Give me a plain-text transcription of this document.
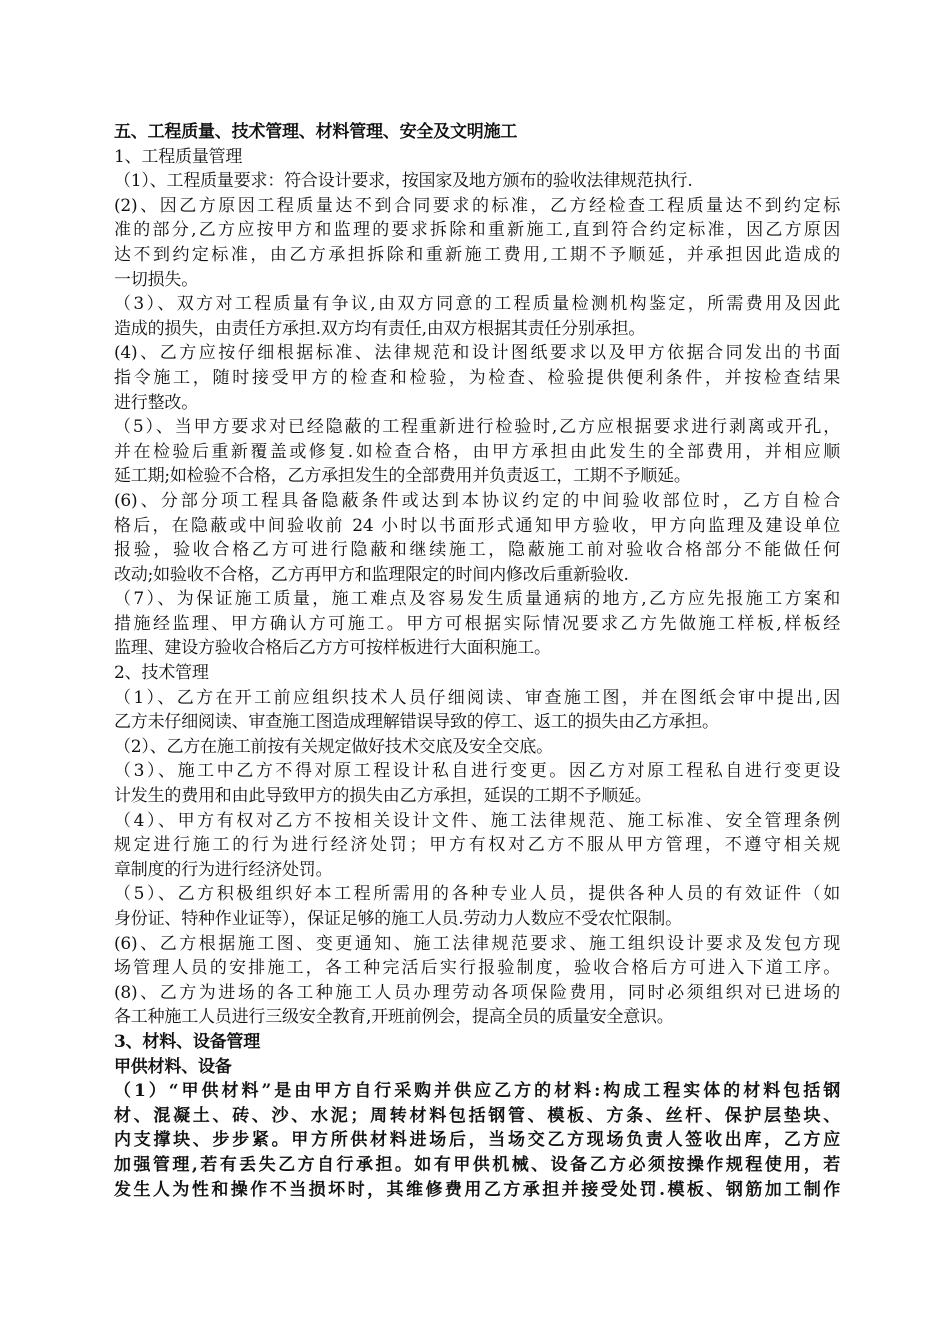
五、工程质量、技术管理、材料管理、安全及文明施工
1、工程质量管理
（1）、工程质量要求：符合设计要求，按国家及地方颁布的验收法律规范执行.
(2)、因乙方原因工程质量达不到合同要求的标准，乙方经检查工程质量达不到约定标
准的部分,乙方应按甲方和监理的要求拆除和重新施工,直到符合约定标准，因乙方原因
达不到约定标准，由乙方承担拆除和重新施工费用,工期不予顺延，并承担因此造成的
一切损失。
（3）、双方对工程质量有争议,由双方同意的工程质量检测机构鉴定，所需费用及因此
造成的损失，由责任方承担.双方均有责任,由双方根据其责任分别承担。
(4)、乙方应按仔细根据标准、法律规范和设计图纸要求以及甲方依据合同发出的书面
指令施工，随时接受甲方的检查和检验，为检查、检验提供便利条件，并按检查结果
进行整改。
（5）、当甲方要求对已经隐蔽的工程重新进行检验时,乙方应根据要求进行剥离或开孔，
并在检验后重新覆盖或修复.如检查合格，由甲方承担由此发生的全部费用，并相应顺
延工期;如检验不合格，乙方承担发生的全部费用并负责返工，工期不予顺延。
(6)、分部分项工程具备隐蔽条件或达到本协议约定的中间验收部位时，乙方自检合
格后，在隐蔽或中间验收前 24 小时以书面形式通知甲方验收，甲方向监理及建设单位
报验，验收合格乙方可进行隐蔽和继续施工，隐蔽施工前对验收合格部分不能做任何
改动;如验收不合格，乙方再甲方和监理限定的时间内修改后重新验收.
（7）、为保证施工质量，施工难点及容易发生质量通病的地方,乙方应先报施工方案和
措施经监理、甲方确认方可施工。甲方可根据实际情况要求乙方先做施工样板,样板经
监理、建设方验收合格后乙方方可按样板进行大面积施工。
2、技术管理
（1）、乙方在开工前应组织技术人员仔细阅读、审查施工图，并在图纸会审中提出,因
乙方未仔细阅读、审查施工图造成理解错误导致的停工、返工的损失由乙方承担。
（2）、乙方在施工前按有关规定做好技术交底及安全交底。
（3）、施工中乙方不得对原工程设计私自进行变更。因乙方对原工程私自进行变更设
计发生的费用和由此导致甲方的损失由乙方承担，延误的工期不予顺延。
（4）、甲方有权对乙方不按相关设计文件、施工法律规范、施工标准、安全管理条例
规定进行施工的行为进行经济处罚；甲方有权对乙方不服从甲方管理，不遵守相关规
章制度的行为进行经济处罚。
（5）、乙方积极组织好本工程所需用的各种专业人员，提供各种人员的有效证件（如
身份证、特种作业证等），保证足够的施工人员.劳动力人数应不受农忙限制。
(6)、乙方根据施工图、变更通知、施工法律规范要求、施工组织设计要求及发包方现
场管理人员的安排施工，各工种完活后实行报验制度，验收合格后方可进入下道工序。
(8)、乙方为进场的各工种施工人员办理劳动各项保险费用，同时必须组织对已进场的
各工种施工人员进行三级安全教育,开班前例会，提高全员的质量安全意识。
3、材料、设备管理
甲供材料、设备
（1）“甲供材料”是由甲方自行采购并供应乙方的材料:构成工程实体的材料包括钢
材、混凝土、砖、沙、水泥；周转材料包括钢管、模板、方条、丝杆、保护层垫块、
内支撑块、步步紧。甲方所供材料进场后，当场交乙方现场负责人签收出库，乙方应
加强管理,若有丢失乙方自行承担。如有甲供机械、设备乙方必须按操作规程使用，若
发生人为性和操作不当损坏时，其维修费用乙方承担并接受处罚.模板、钢筋加工制作
